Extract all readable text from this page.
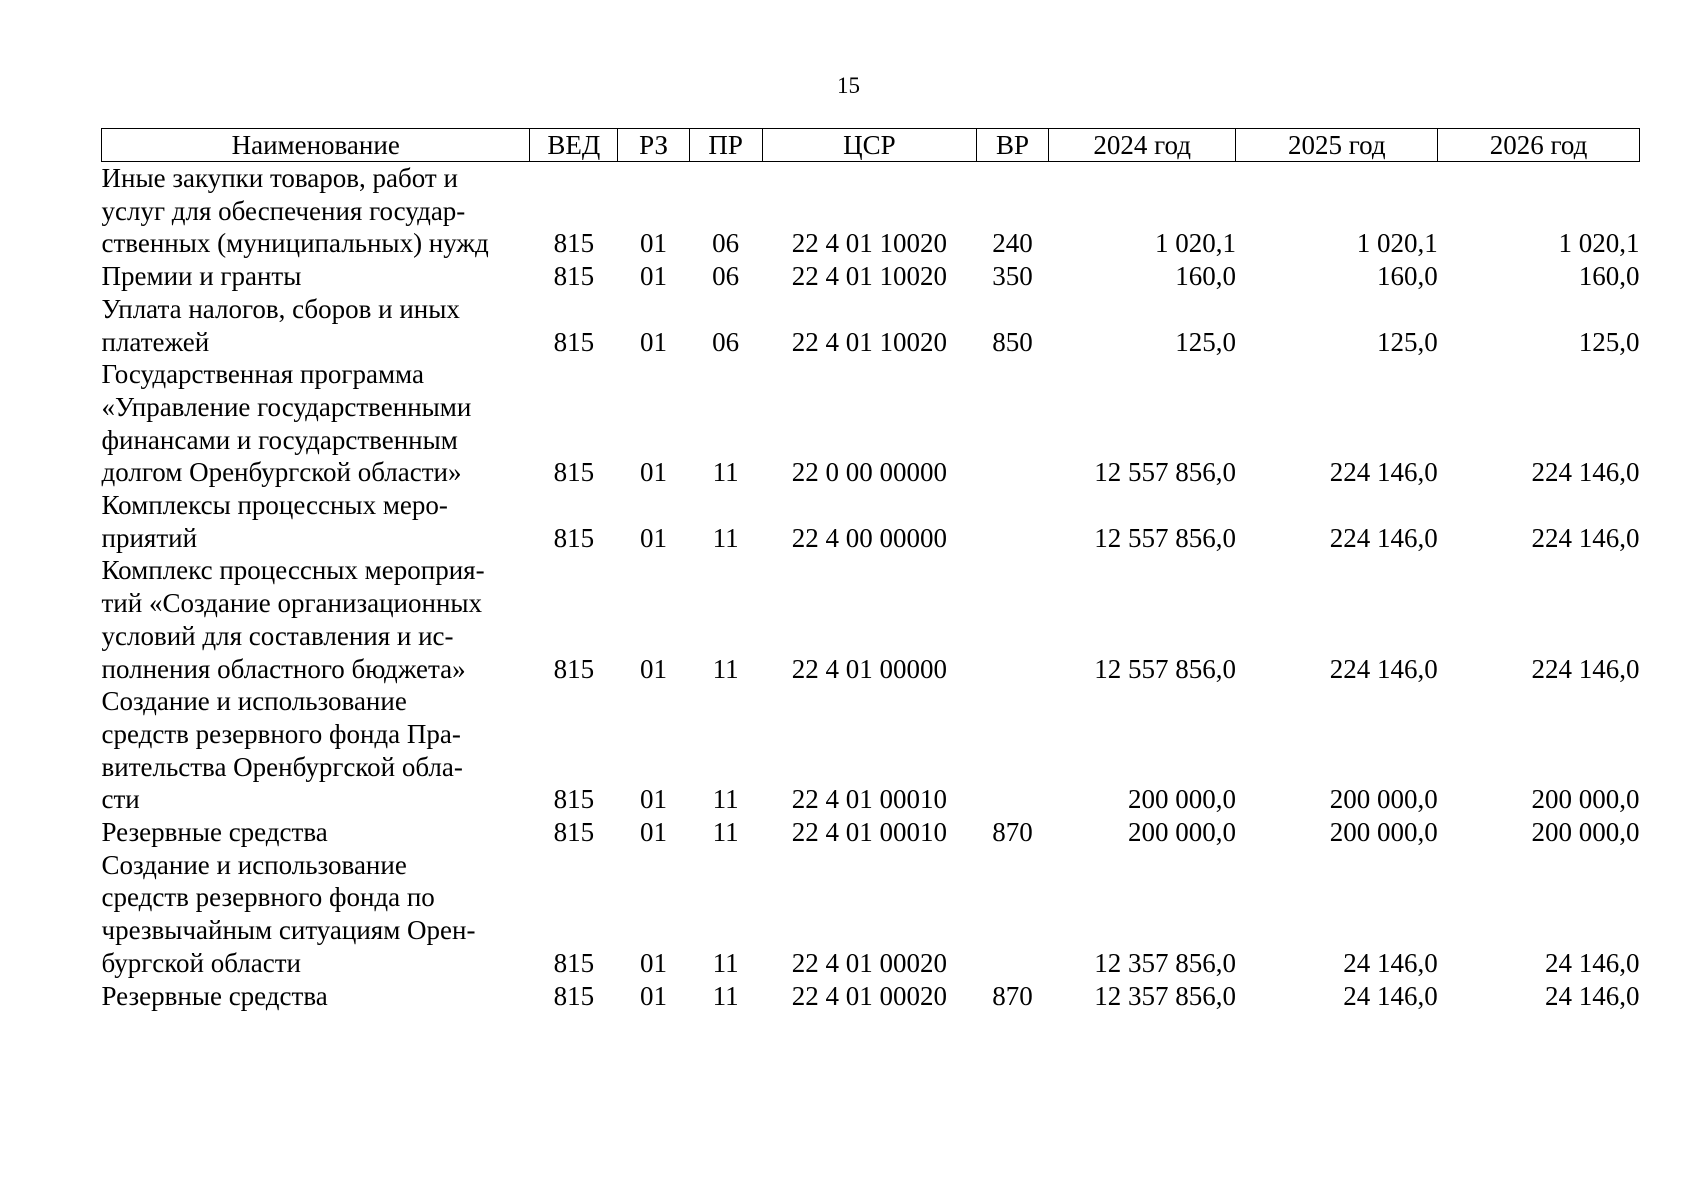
15
Наименование	ВЕД	РЗ	ПР	ЦСР	ВР	2024 год	2025 год	2026 год

Иные закупки товаров, работ и
услуг для обеспечения государ-
ственных (муниципальных) нужд	815	01	06	22 4 01 10020	240	1 020,1	1 020,1	1 020,1

Премии и гранты	815	01	06	22 4 01 10020	350	160,0	160,0	160,0

Уплата налогов, сборов и иных
платежей	815	01	06	22 4 01 10020	850	125,0	125,0	125,0

Государственная программа
«Управление государственными
финансами и государственным
долгом Оренбургской области»	815	01	11	22 0 00 00000		12 557 856,0	224 146,0	224 146,0

Комплексы процессных меро-
приятий	815	01	11	22 4 00 00000		12 557 856,0	224 146,0	224 146,0

Комплекс процессных мероприя-
тий «Создание организационных
условий для составления и ис-
полнения областного бюджета»	815	01	11	22 4 01 00000		12 557 856,0	224 146,0	224 146,0

Создание и использование
средств резервного фонда Пра-
вительства Оренбургской обла-
сти	815	01	11	22 4 01 00010		200 000,0	200 000,0	200 000,0

Резервные средства	815	01	11	22 4 01 00010	870	200 000,0	200 000,0	200 000,0

Создание и использование
средств резервного фонда по
чрезвычайным ситуациям Орен-
бургской области	815	01	11	22 4 01 00020		12 357 856,0	24 146,0	24 146,0

Резервные средства	815	01	11	22 4 01 00020	870	12 357 856,0	24 146,0	24 146,0
